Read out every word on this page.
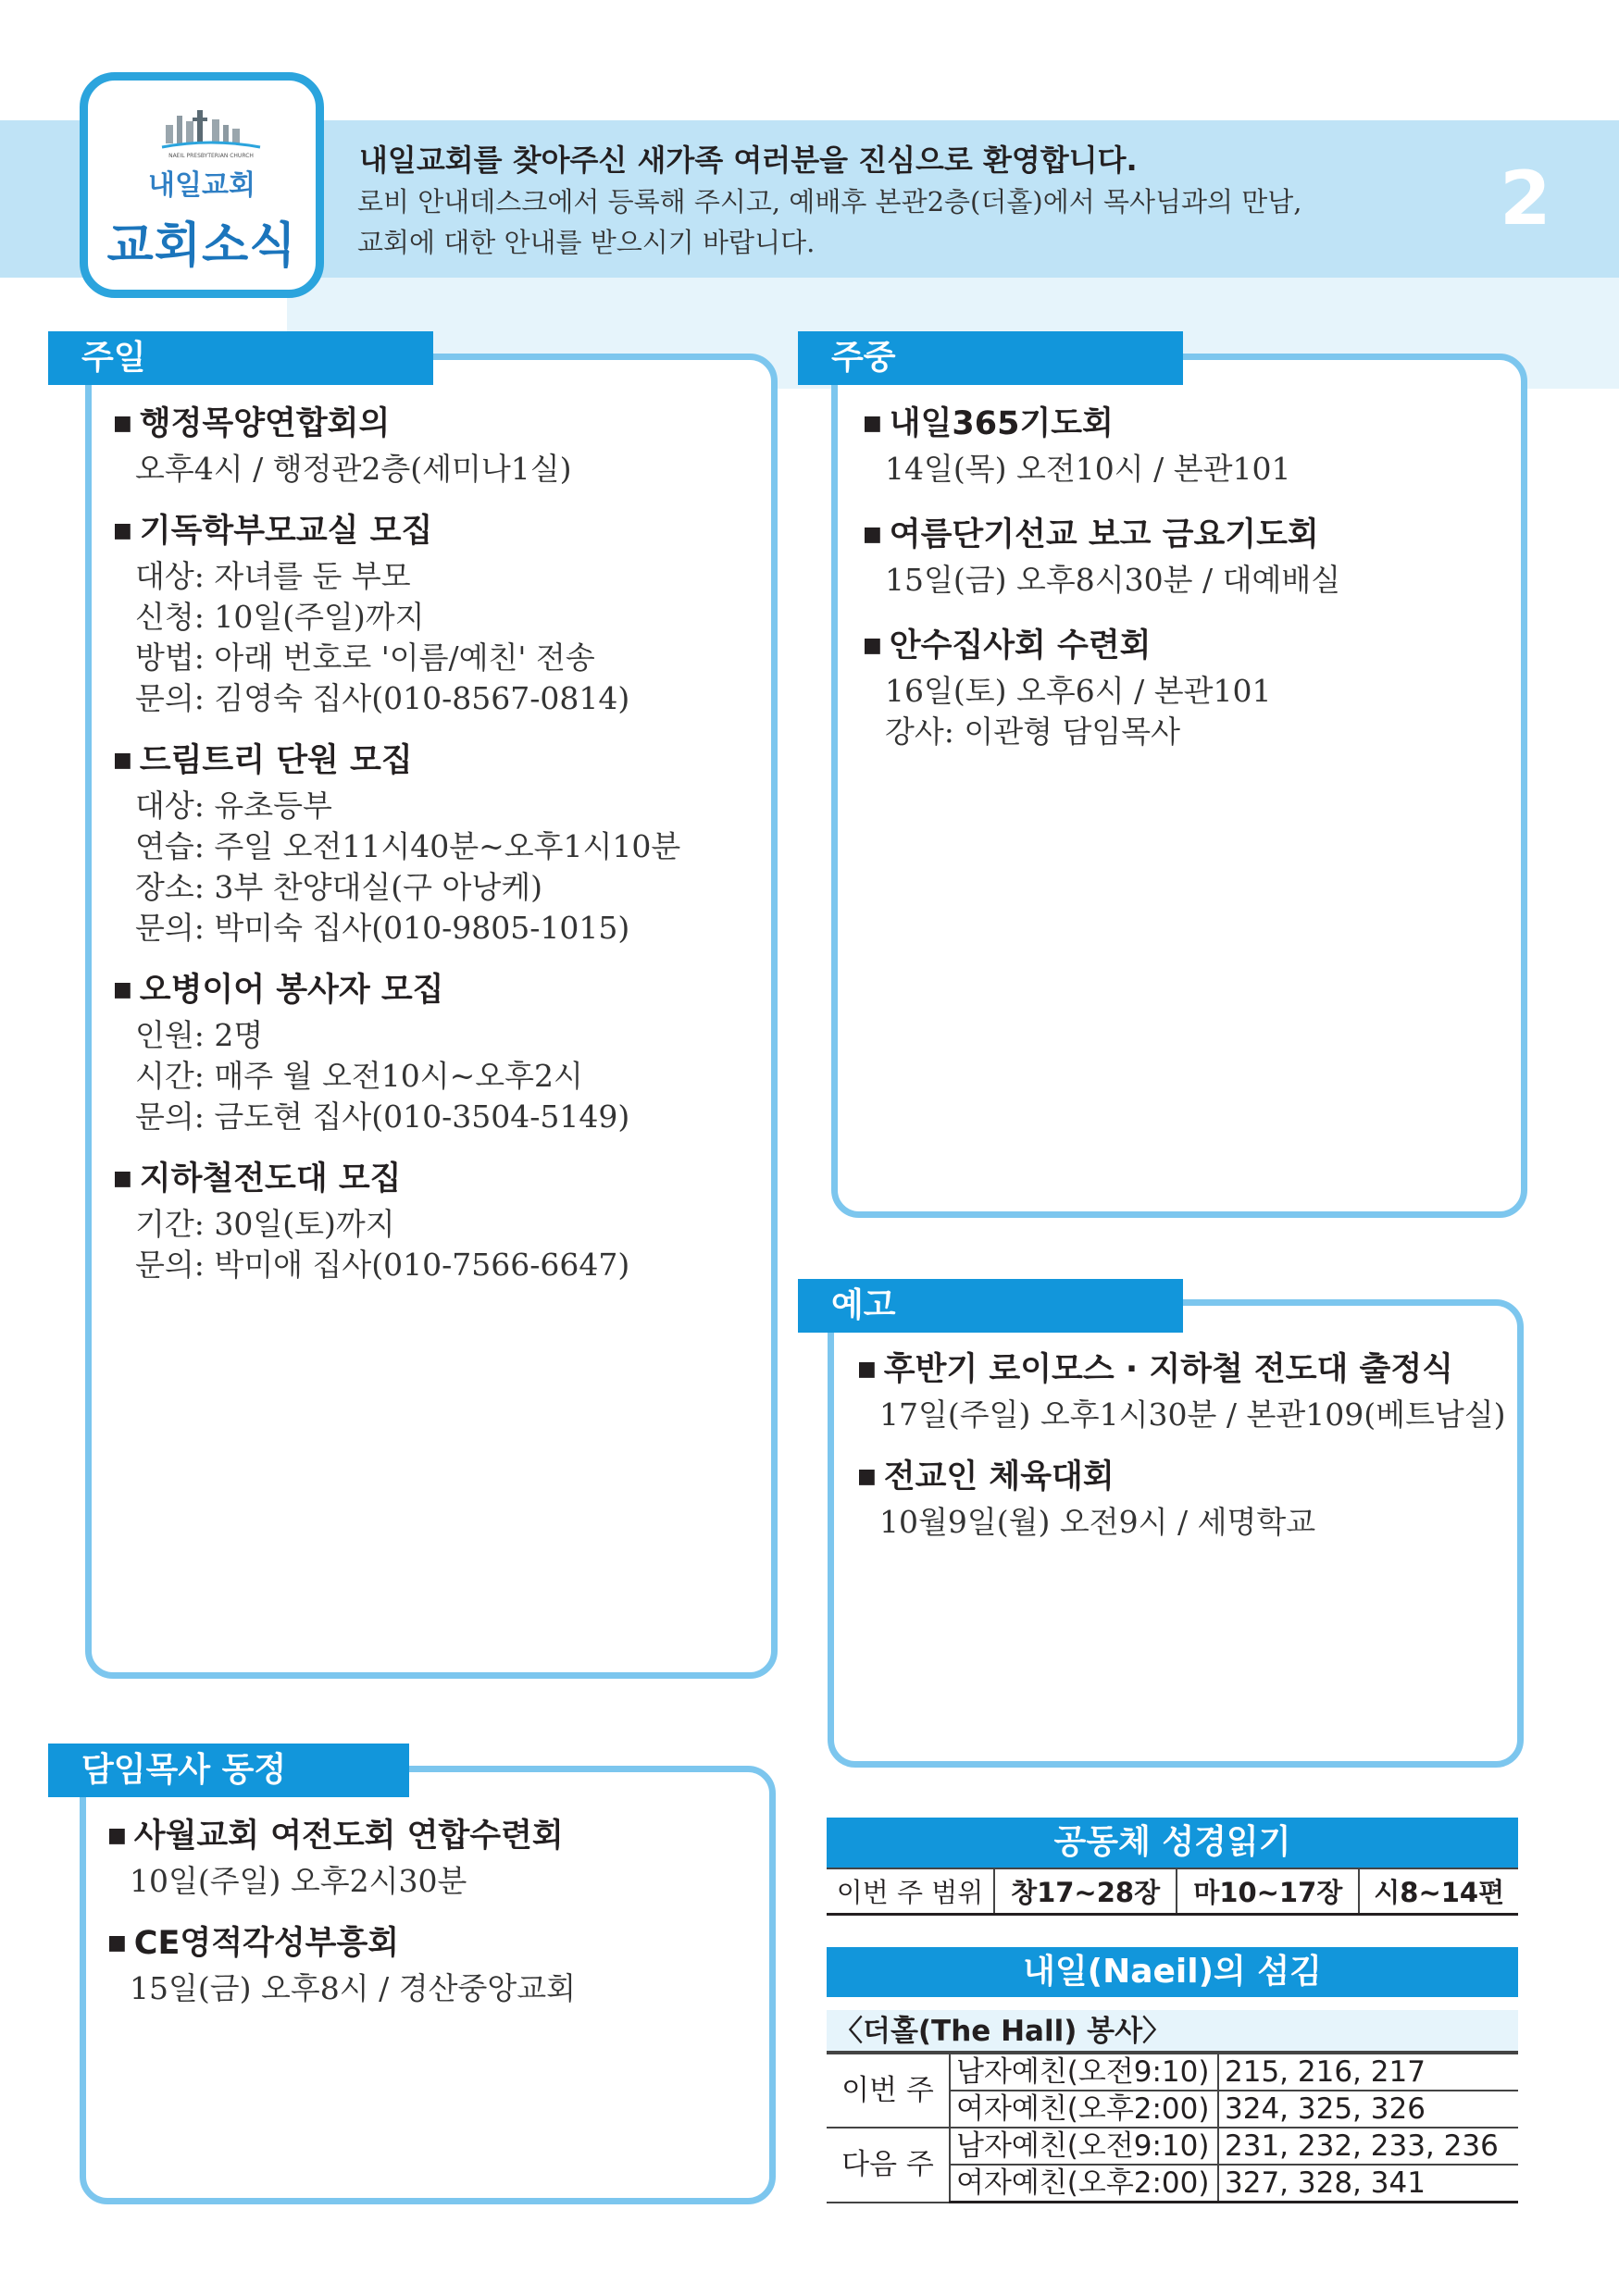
NAEIL PRESBYTERIAN CHURCH
내일교회
교회소식
내일교회를 찾아주신 새가족 여러분을 진심으로 환영합니다.
로비 안내데스크에서 등록해 주시고, 예배후 본관2층(더홀)에서 목사님과의 만남,
교회에 대한 안내를 받으시기 바랍니다.
2
주일
■ 행정목양연합회의
오후4시 / 행정관2층(세미나1실)
■ 기독학부모교실 모집
대상: 자녀를 둔 부모
신청: 10일(주일)까지
방법: 아래 번호로 '이름/예친' 전송
문의: 김영숙 집사(010-8567-0814)
■ 드림트리 단원 모집
대상: 유초등부
연습: 주일 오전11시40분~오후1시10분
장소: 3부 찬양대실(구 아낭케)
문의: 박미숙 집사(010-9805-1015)
■ 오병이어 봉사자 모집
인원: 2명
시간: 매주 월 오전10시~오후2시
문의: 금도현 집사(010-3504-5149)
■ 지하철전도대 모집
기간: 30일(토)까지
문의: 박미애 집사(010-7566-6647)
주중
■ 내일365기도회
14일(목) 오전10시 / 본관101
■ 여름단기선교 보고 금요기도회
15일(금) 오후8시30분 / 대예배실
■ 안수집사회 수련회
16일(토) 오후6시 / 본관101
강사: 이관형 담임목사
예고
■ 후반기 로이모스 · 지하철 전도대 출정식
17일(주일) 오후1시30분 / 본관109(베트남실)
■ 전교인 체육대회
10월9일(월) 오전9시 / 세명학교
담임목사 동정
■ 사월교회 여전도회 연합수련회
10일(주일) 오후2시30분
■ CE영적각성부흥회
15일(금) 오후8시 / 경산중앙교회
공동체 성경읽기
이번 주 범위	창17~28장	마10~17장	시8~14편
내일(Naeil)의 섬김
〈더홀(The Hall) 봉사〉
이번 주	남자예친(오전9:10)	215, 216, 217
	여자예친(오후2:00)	324, 325, 326
다음 주	남자예친(오전9:10)	231, 232, 233, 236
	여자예친(오후2:00)	327, 328, 341
